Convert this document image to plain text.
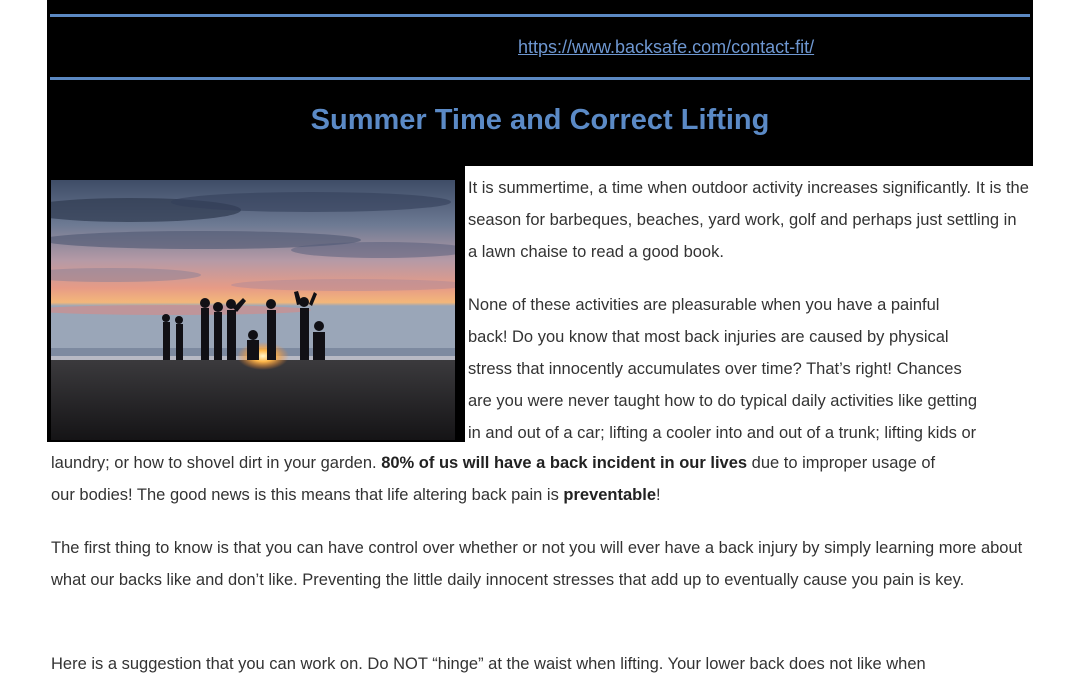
https://www.backsafe.com/contact-fit/
Summer Time and Correct Lifting

It is summertime, a time when outdoor activity increases significantly. It is the season for barbeques, beaches, yard work, golf and perhaps just settling in a lawn chaise to read a good book.

None of these activities are pleasurable when you have a painful

back! Do you know that most back injuries are caused by physical

stress that innocently accumulates over time? That’s right! Chances

are you were never taught how to do typical daily activities like getting

in and out of a car; lifting a cooler into and out of a trunk; lifting kids or

laundry; or how to shovel dirt in your garden. 80% of us will have a back incident in our lives due to improper usage of

our bodies! The good news is this means that life altering back pain is preventable!

The first thing to know is that you can have control over whether or not you will ever have a back injury by simply learning more about what our backs like and don’t like. Preventing the little daily innocent stresses that add up to eventually cause you pain is key.

Here is a suggestion that you can work on. Do NOT “hinge” at the waist when lifting. Your lower back does not like when
